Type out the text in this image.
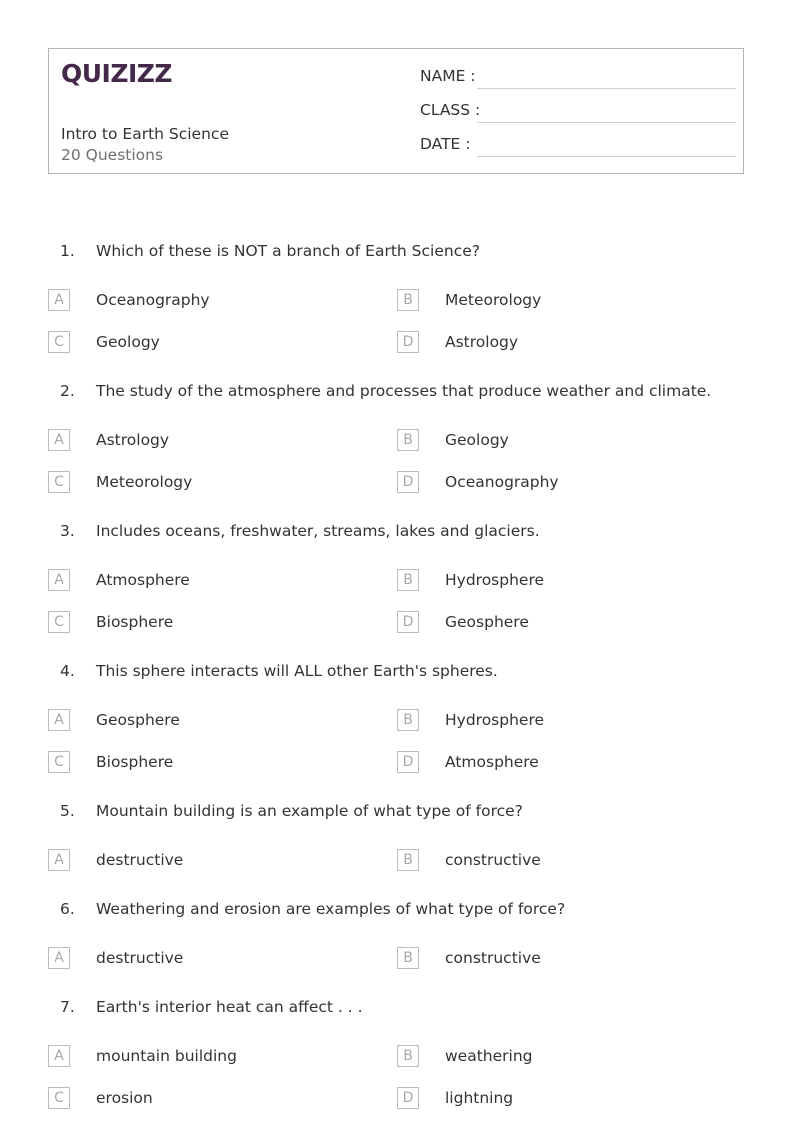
QUIZIZZ
Intro to Earth Science
20 Questions
NAME :
CLASS :
DATE :
1. Which of these is NOT a branch of Earth Science?
A	Oceanography	B	Meteorology
C	Geology	D	Astrology
2. The study of the atmosphere and processes that produce weather and climate.
A	Astrology	B	Geology
C	Meteorology	D	Oceanography
3. Includes oceans, freshwater, streams, lakes and glaciers.
A	Atmosphere	B	Hydrosphere
C	Biosphere	D	Geosphere
4. This sphere interacts will ALL other Earth's spheres.
A	Geosphere	B	Hydrosphere
C	Biosphere	D	Atmosphere
5. Mountain building is an example of what type of force?
A	destructive	B	constructive
6. Weathering and erosion are examples of what type of force?
A	destructive	B	constructive
7. Earth's interior heat can affect . . .
A	mountain building	B	weathering
C	erosion	D	lightning
